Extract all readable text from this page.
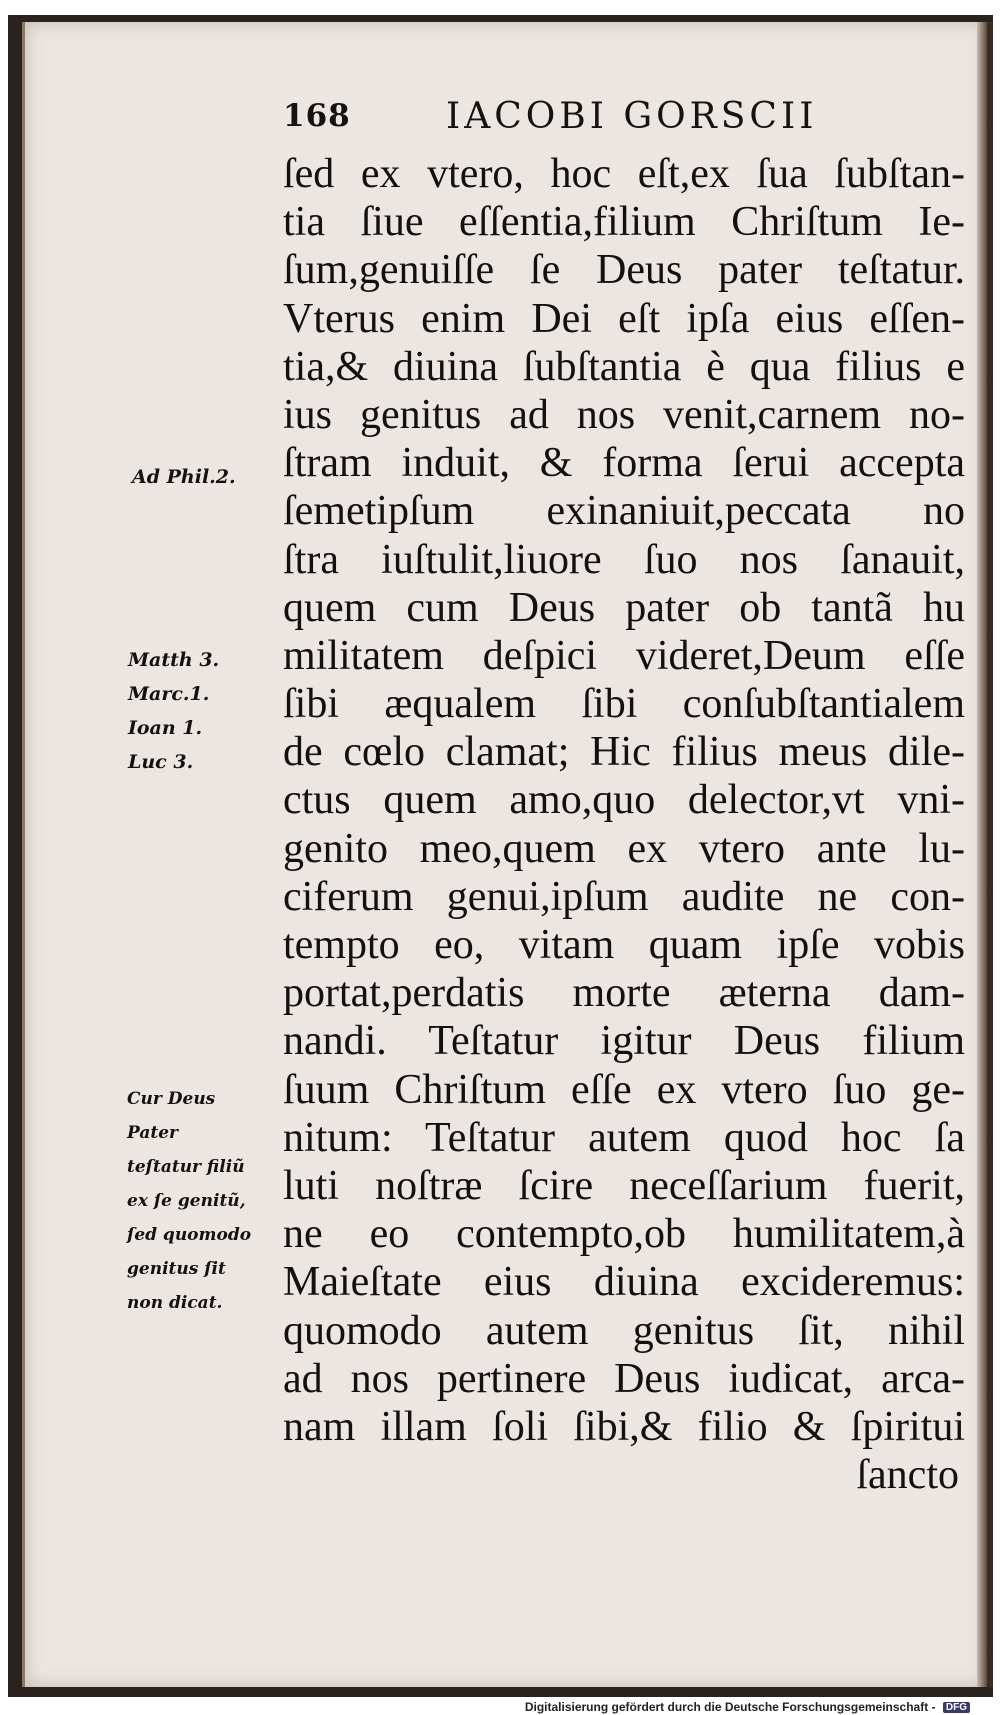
168	IACOBI GORSCII
ſed ex vtero, hoc eſt,ex ſua ſubſtan-
tia ſiue eſſentia,filium Chriſtum Ie-
ſum,genuiſſe ſe Deus pater teſtatur.
Vterus enim Dei eſt ipſa eius eſſen-
tia,& diuina ſubſtantia è qua filius e
ius genitus ad nos venit,carnem no-
ſtram induit, & forma ſerui accepta
ſemetipſum exinaniuit,peccata no
ſtra iuſtulit,liuore ſuo nos ſanauit,
quem cum Deus pater ob tantã hu
militatem deſpici videret,Deum eſſe
ſibi æqualem ſibi conſubſtantialem
de cœlo clamat; Hic filius meus dile-
ctus quem amo,quo delector,vt vni-
genito meo,quem ex vtero ante lu-
ciferum genui,ipſum audite ne con-
tempto eo, vitam quam ipſe vobis
portat,perdatis morte æterna dam-
nandi. Teſtatur igitur Deus filium
ſuum Chriſtum eſſe ex vtero ſuo ge-
nitum: Teſtatur autem quod hoc ſa
luti noſtræ ſcire neceſſarium fuerit,
ne eo contempto,ob humilitatem,à
Maieſtate eius diuina excideremus:
quomodo autem genitus ſit, nihil
ad nos pertinere Deus iudicat, arca-
nam illam ſoli ſibi,& filio & ſpiritui
ſancto
Ad Phil.2.
Matth 3.
Marc.1.
Ioan 1.
Luc 3.
Cur Deus
Pater
teſtatur filiũ
ex ſe genitũ,
ſed quomodo
genitus ſit
non dicat.
Digitalisierung gefördert durch die Deutsche Forschungsgemeinschaft - DFG
